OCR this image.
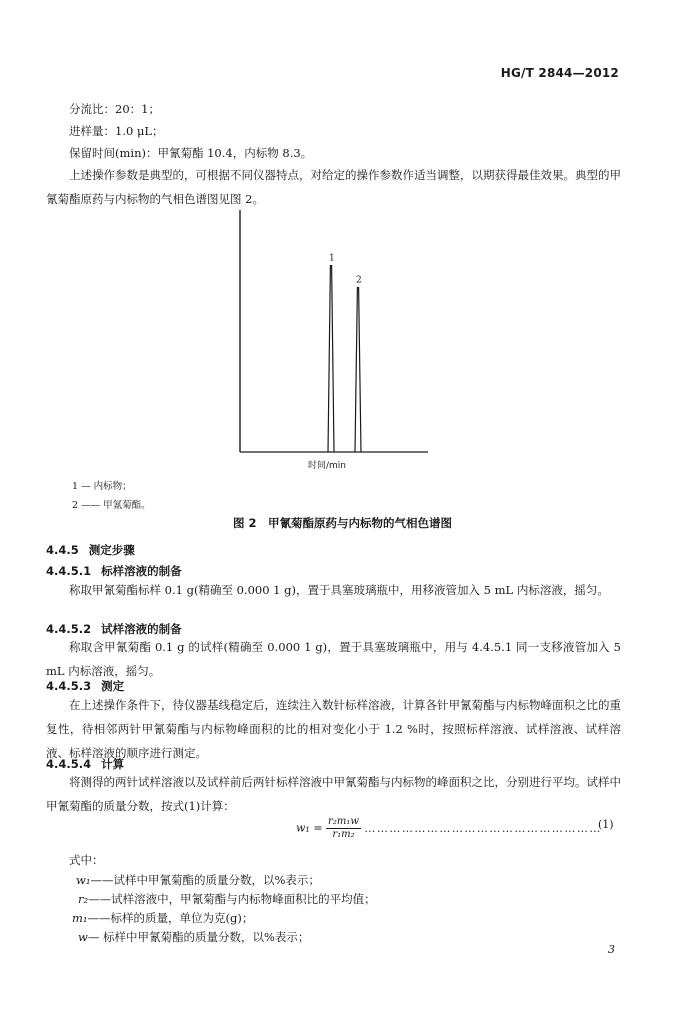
HG/T 2844—2012
分流比：20：1；
进样量：1.0 μL；
保留时间(min)：甲氰菊酯 10.4，内标物 8.3。
上述操作参数是典型的，可根据不同仪器特点，对给定的操作参数作适当调整，以期获得最佳效果。典型的甲氰菊酯原药与内标物的气相色谱图见图 2。
1
2
时间/min
1 — 内标物；
2 —— 甲氰菊酯。
图 2　甲氰菊酯原药与内标物的气相色谱图
4.4.5 测定步骤
4.4.5.1 标样溶液的制备
称取甲氰菊酯标样 0.1 g(精确至 0.000 1 g)，置于具塞玻璃瓶中，用移液管加入 5 mL 内标溶液，摇匀。
4.4.5.2 试样溶液的制备
称取含甲氰菊酯 0.1 g 的试样(精确至 0.000 1 g)，置于具塞玻璃瓶中，用与 4.4.5.1 同一支移液管加入 5 mL 内标溶液，摇匀。
4.4.5.3 测定
在上述操作条件下，待仪器基线稳定后，连续注入数针标样溶液，计算各针甲氰菊酯与内标物峰面积之比的重复性，待相邻两针甲氰菊酯与内标物峰面积的比的相对变化小于 1.2 %时，按照标样溶液、试样溶液、试样溶液、标样溶液的顺序进行测定。
4.4.5.4 计算
将测得的两针试样溶液以及试样前后两针标样溶液中甲氰菊酯与内标物的峰面积之比，分别进行平均。试样中甲氰菊酯的质量分数，按式(1)计算：
$w_1 = \frac{\text{r₂m₁w}}{\text{r₁m₂}}$ …………………………………………………
(1)
式中：
w₁——试样中甲氰菊酯的质量分数，以%表示；
r₂——试样溶液中，甲氰菊酯与内标物峰面积比的平均值；
m₁——标样的质量，单位为克(g)；
w— 标样中甲氰菊酯的质量分数，以%表示；
3
